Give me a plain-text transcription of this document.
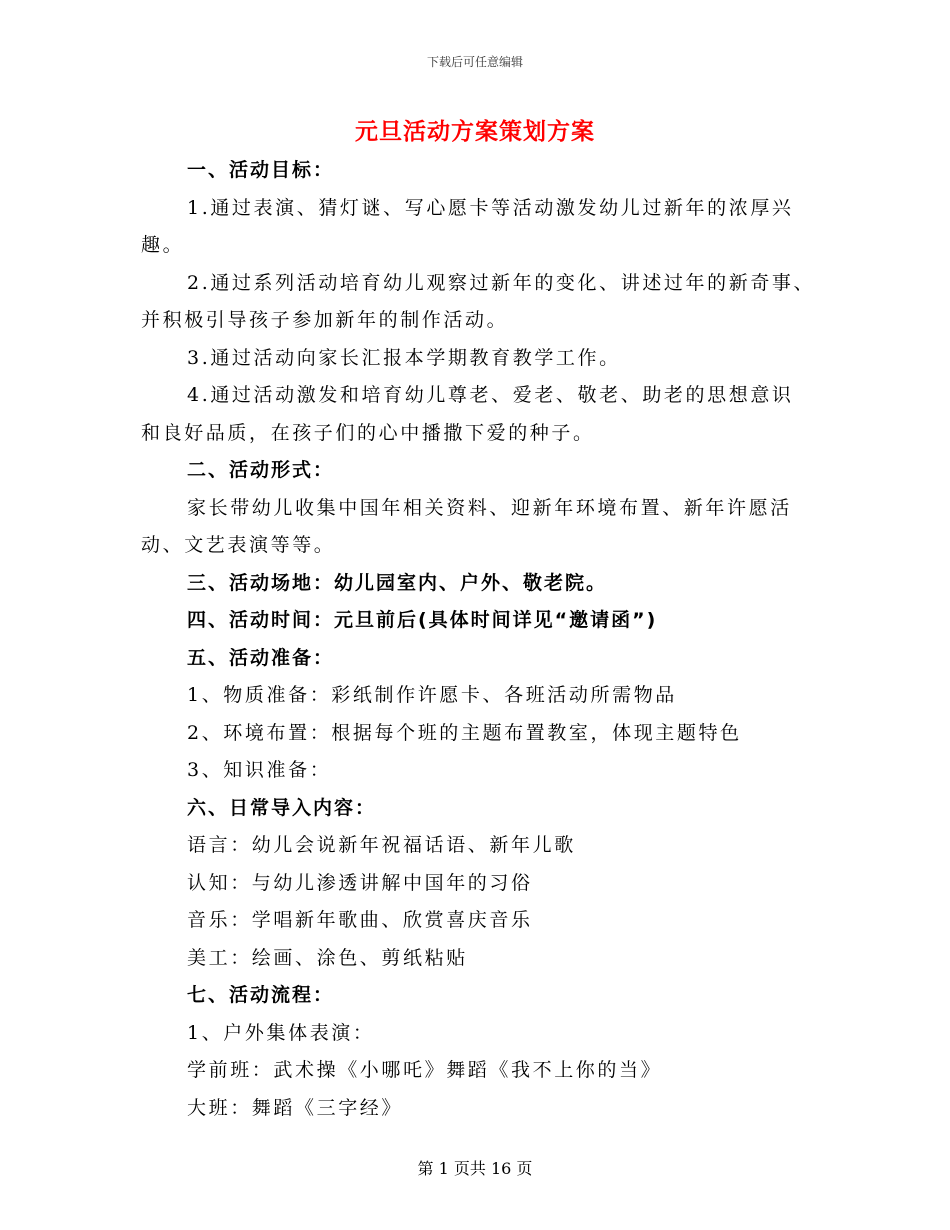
下载后可任意编辑
元旦活动方案策划方案

一、活动目标：

1.通过表演、猜灯谜、写心愿卡等活动激发幼儿过新年的浓厚兴

趣。

2.通过系列活动培育幼儿观察过新年的变化、讲述过年的新奇事、

并积极引导孩子参加新年的制作活动。

3.通过活动向家长汇报本学期教育教学工作。

4.通过活动激发和培育幼儿尊老、爱老、敬老、助老的思想意识

和良好品质，在孩子们的心中播撒下爱的种子。

二、活动形式：

家长带幼儿收集中国年相关资料、迎新年环境布置、新年许愿活

动、文艺表演等等。

三、活动场地：幼儿园室内、户外、敬老院。

四、活动时间：元旦前后(具体时间详见“邀请函”)

五、活动准备：

1、物质准备：彩纸制作许愿卡、各班活动所需物品

2、环境布置：根据每个班的主题布置教室，体现主题特色

3、知识准备：

六、日常导入内容：

语言：幼儿会说新年祝福话语、新年儿歌

认知：与幼儿渗透讲解中国年的习俗

音乐：学唱新年歌曲、欣赏喜庆音乐

美工：绘画、涂色、剪纸粘贴

七、活动流程：

1、户外集体表演：

学前班：武术操《小哪吒》舞蹈《我不上你的当》

大班：舞蹈《三字经》

第 1 页共 16 页
